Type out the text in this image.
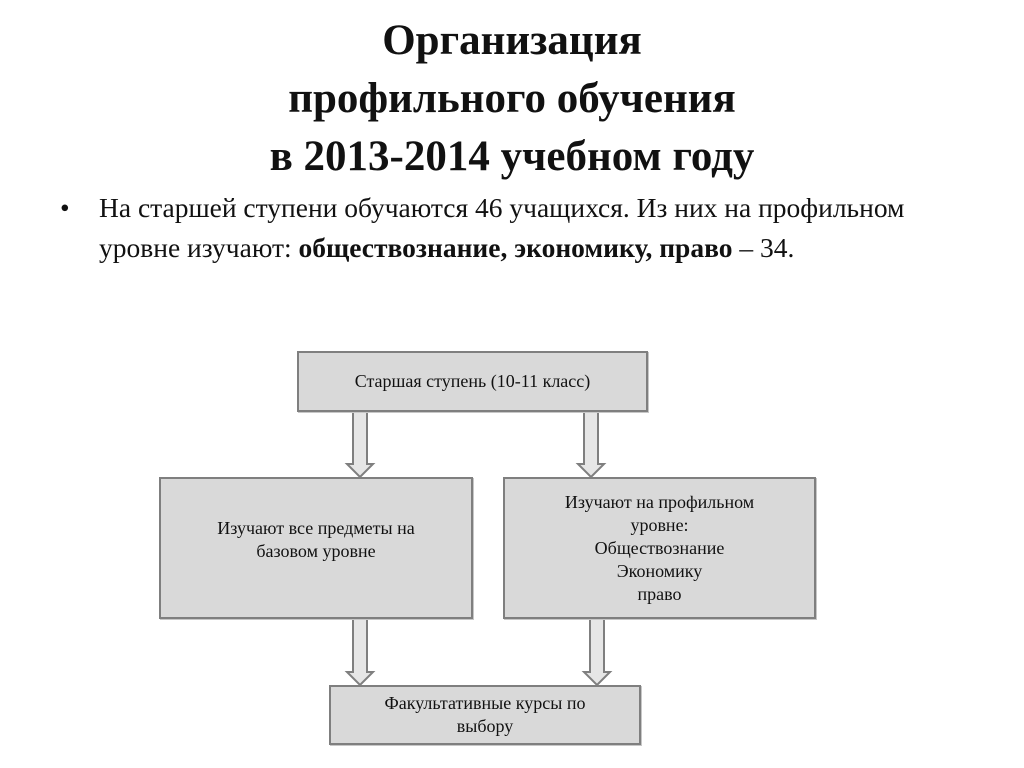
Организация
профильного обучения
в 2013-2014 учебном году
•	На старшей ступени обучаются 46 учащихся. Из них на профильном уровне изучают: обществознание, экономику, право – 34.
Старшая ступень (10-11 класс)
Изучают все предметы на
базовом уровне
Изучают на профильном
уровне:
Обществознание
Экономику
право
Факультативные курсы по
выбору
